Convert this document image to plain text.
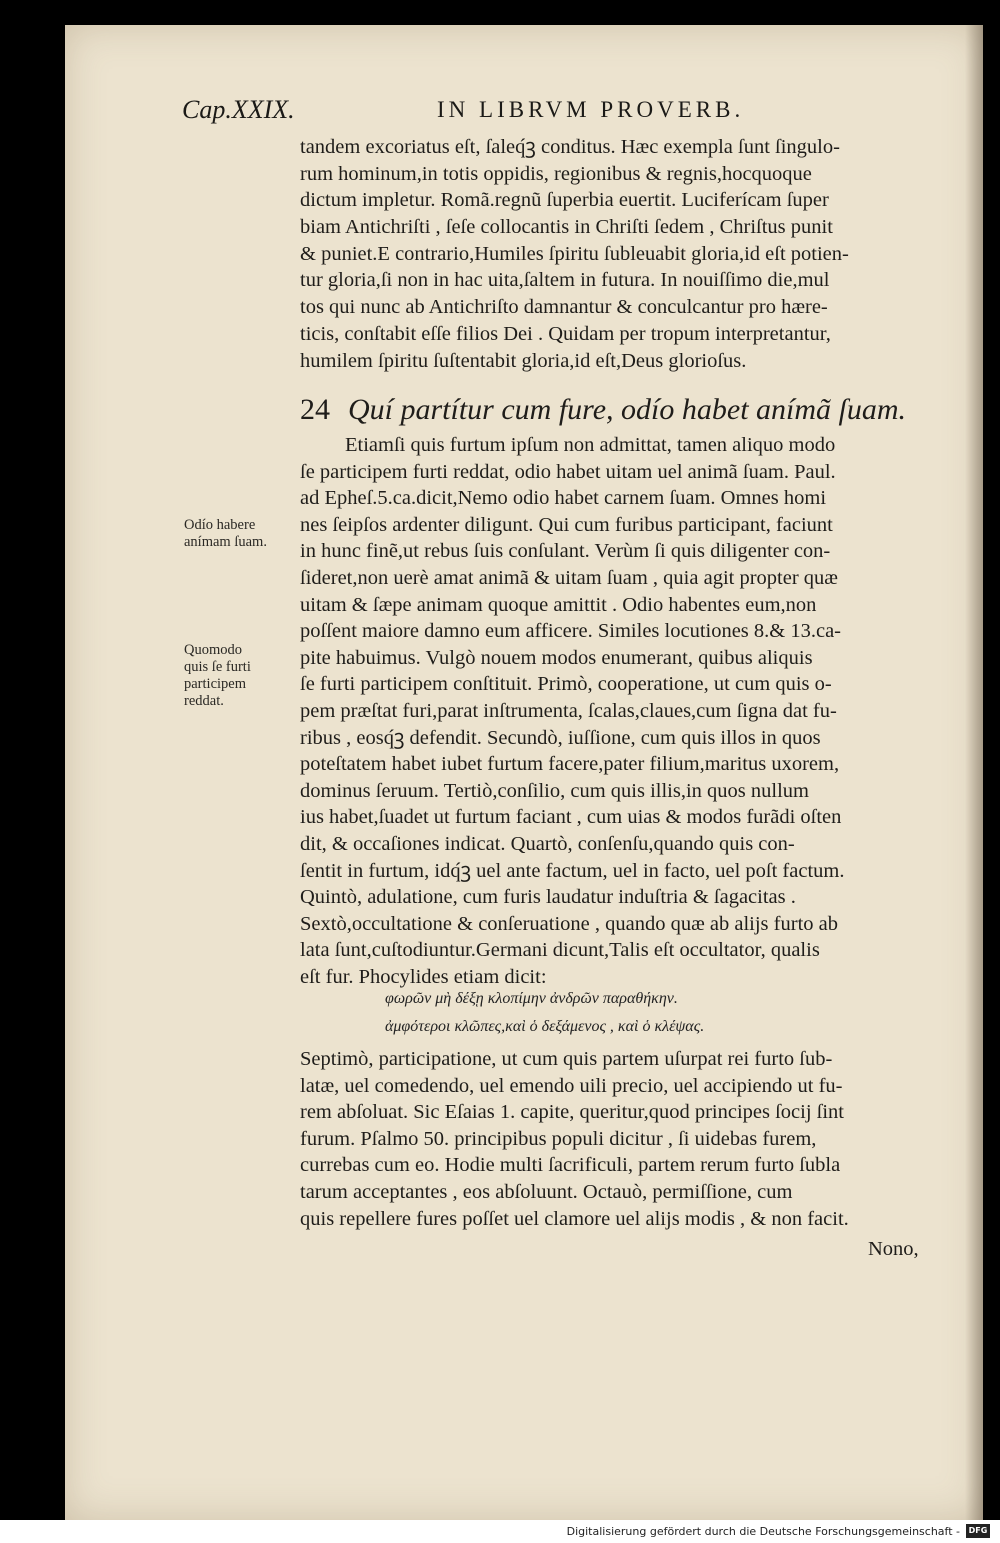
Cap.XXIX.	IN LIBRVM PROVERB.
tandem excoriatus eſt, ſaleq́ꝫ conditus. Hæc exempla ſunt ſingulo-
rum hominum,in totis oppidis, regionibus & regnis,hocquoque
dictum impletur. Romã.regnũ ſuperbia euertit. Luciferícam ſuper
biam Antichriſti , ſeſe collocantis in Chriſti ſedem , Chriſtus punit
& puniet.E contrario,Humiles ſpiritu ſubleuabit gloria,id eſt potien-
tur gloria,ſi non in hac uita,ſaltem in futura. In nouiſſimo die,mul
tos qui nunc ab Antichriſto damnantur & conculcantur pro hære-
ticis, conſtabit eſſe filios Dei . Quidam per tropum interpretantur,
humilem ſpiritu ſuſtentabit gloria,id eſt,Deus glorioſus.
24 Quí partítur cum fure, odío habet anímã ſuam.
Etiamſi quis furtum ipſum non admittat, tamen aliquo modo
ſe participem furti reddat, odio habet uitam uel animã ſuam. Paul.
ad Epheſ.5.ca.dicit,Nemo odio habet carnem ſuam. Omnes homi
nes ſeipſos ardenter diligunt. Qui cum furibus participant, faciunt
in hunc finẽ,ut rebus ſuis conſulant. Verùm ſi quis diligenter con-
ſideret,non uerè amat animã & uitam ſuam , quia agit propter quæ
uitam & ſæpe animam quoque amittit . Odio habentes eum,non
poſſent maiore damno eum afficere. Similes locutiones 8.& 13.ca-
pite habuimus. Vulgò nouem modos enumerant, quibus aliquis
ſe furti participem conſtituit. Primò, cooperatione, ut cum quis o-
pem præſtat furi,parat inſtrumenta, ſcalas,claues,cum ſigna dat fu-
ribus , eosq́ꝫ defendit. Secundò, iuſſione, cum quis illos in quos
poteſtatem habet iubet furtum facere,pater filium,maritus uxorem,
dominus ſeruum. Tertiò,conſilio, cum quis illis,in quos nullum
ius habet,ſuadet ut furtum faciant , cum uias & modos furãdi oſten
dit, & occaſiones indicat. Quartò, conſenſu,quando quis con-
ſentit in furtum, idq́ꝫ uel ante factum, uel in facto, uel poſt factum.
Quintò, adulatione, cum furis laudatur induſtria & ſagacitas .
Sextò,occultatione & conſeruatione , quando quæ ab alijs furto ab
lata ſunt,cuſtodiuntur.Germani dicunt,Talis eſt occultator, qualis
eſt fur. Phocylides etiam dicit:
φωρῶν μὴ δέξῃ κλοπίμην ἀνδρῶν παραθήκην.
ἀμφότεροι κλῶπες,καὶ ὁ δεξάμενος , καὶ ὁ κλέψας.
Septimò, participatione, ut cum quis partem uſurpat rei furto ſub-
latæ, uel comedendo, uel emendo uili precio, uel accipiendo ut fu-
rem abſoluat. Sic Eſaias 1. capite, queritur,quod principes ſocij ſint
furum. Pſalmo 50. principibus populi dicitur , ſi uidebas furem,
currebas cum eo. Hodie multi ſacrificuli, partem rerum furto ſubla
tarum acceptantes , eos abſoluunt. Octauò, permiſſione, cum
quis repellere fures poſſet uel clamore uel alijs modis , & non facit.
Nono,
Odío habere
anímam ſuam.
Quomodo
quis ſe furti
participem
reddat.
Digitalisierung gefördert durch die Deutsche Forschungsgemeinschaft -	DFG
